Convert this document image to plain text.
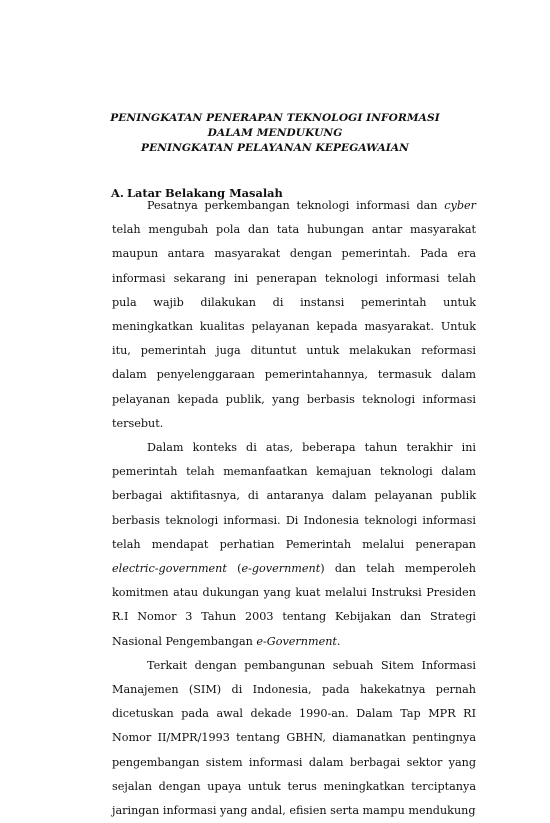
PENINGKATAN PENERAPAN TEKNOLOGI INFORMASI
DALAM MENDUKUNG
PENINGKATAN PELAYANAN KEPEGAWAIAN
A. Latar Belakang Masalah

Pesatnya perkembangan teknologi informasi dan cyber telah mengubah pola dan tata hubungan antar masyarakat maupun antara masyarakat dengan pemerintah. Pada era informasi sekarang ini penerapan teknologi informasi telah pula wajib dilakukan di instansi pemerintah untuk meningkatkan kualitas pelayanan kepada masyarakat. Untuk itu, pemerintah juga dituntut untuk melakukan reformasi dalam penyelenggaraan pemerintahannya, termasuk dalam pelayanan kepada publik, yang berbasis teknologi informasi tersebut.

Dalam konteks di atas, beberapa tahun terakhir ini pemerintah telah memanfaatkan kemajuan teknologi dalam berbagai aktifitasnya, di antaranya dalam pelayanan publik berbasis teknologi informasi. Di Indonesia teknologi informasi telah mendapat perhatian Pemerintah melalui penerapan electric-government (e-government) dan telah memperoleh komitmen atau dukungan yang kuat melalui Instruksi Presiden R.I Nomor 3 Tahun 2003 tentang Kebijakan dan Strategi Nasional Pengembangan e-Government.

Terkait dengan pembangunan sebuah Sitem Informasi Manajemen (SIM) di Indonesia, pada hakekatnya pernah dicetuskan pada awal dekade 1990-an. Dalam Tap MPR RI Nomor II/MPR/1993 tentang GBHN, diamanatkan pentingnya pengembangan sistem informasi dalam berbagai sektor yang sejalan dengan upaya untuk terus meningkatkan terciptanya jaringan informasi yang andal, efisien serta mampu mendukung
